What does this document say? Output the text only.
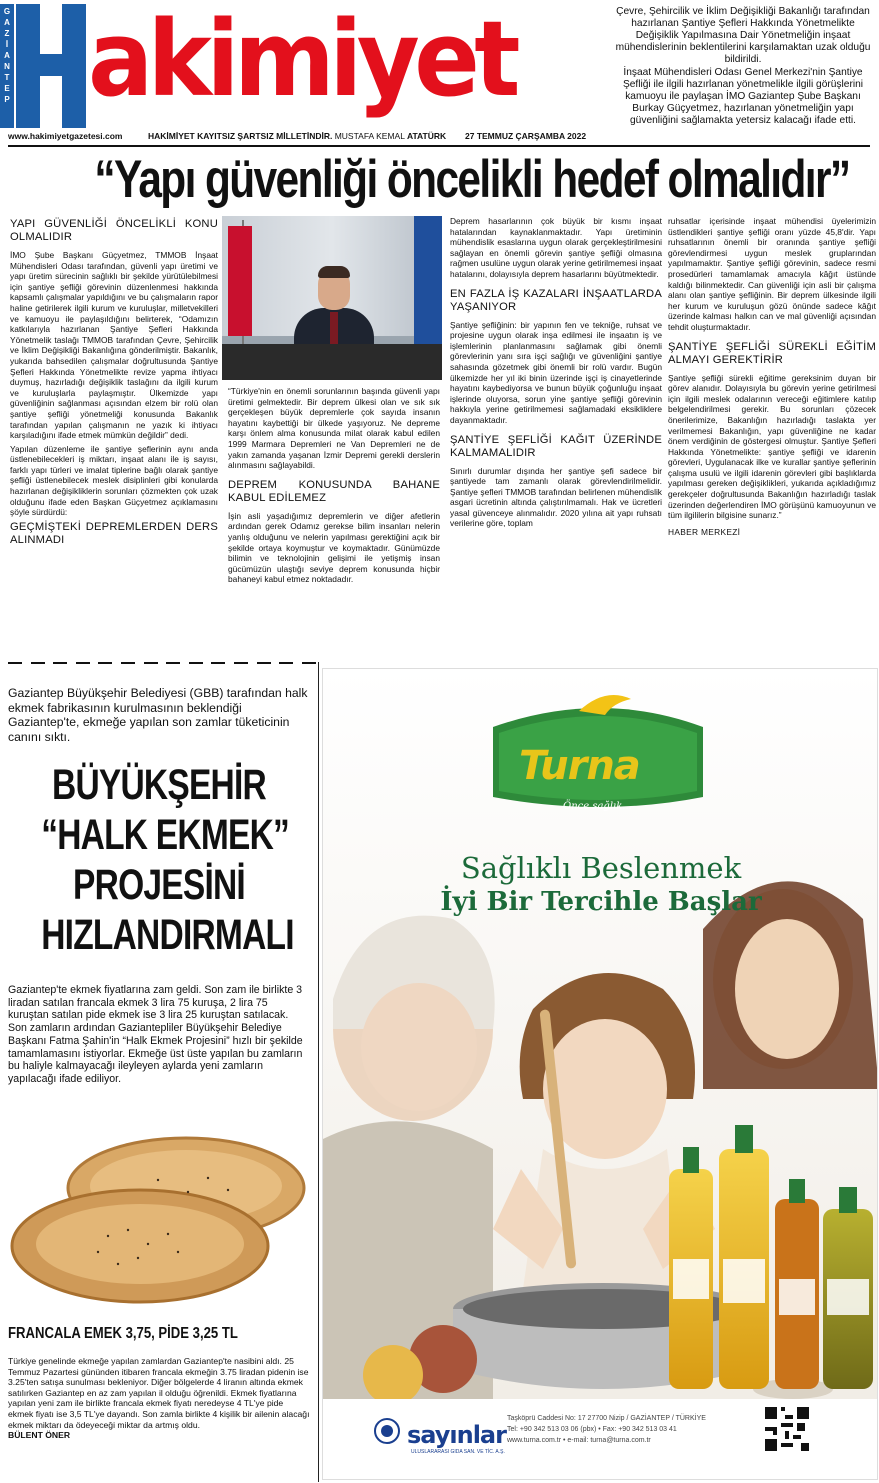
G
A
Z
İ
A
N
T
E
P akimiyet
www.hakimiyetgazetesi.com	HAKİMİYET KAYITSIZ ŞARTSIZ MİLLETİNDİR. MUSTAFA KEMAL ATATÜRK 27 TEMMUZ ÇARŞAMBA 2022

Çevre, Şehircilik ve İklim Değişikliği Bakanlığı tarafından hazırlanan Şantiye Şefleri Hakkında Yönetmelikte Değişiklik Yapılmasına Dair Yönetmeliğin inşaat mühendislerinin beklentilerini karşılamaktan uzak olduğu bildirildi.

İnşaat Mühendisleri Odası Genel Merkezi'nin Şantiye Şefliği ile ilgili hazırlanan yönetmelikle ilgili görüşlerini kamuoyu ile paylaşan İMO Gaziantep Şube Başkanı Burkay Güçyetmez, hazırlanan yönetmeliğin yapı güvenliğini sağlamakta yetersiz kalacağı ifade etti.

“Yapı güvenliği öncelikli hedef olmalıdır”
YAPI GÜVENLİĞİ ÖNCELİKLİ KONU OLMALIDIR

İMO Şube Başkanı Güçyetmez, TMMOB İnşaat Mühendisleri Odası tarafından, güvenli yapı üretimi ve yapı üretim sürecinin sağlıklı bir şekilde yürütülebilmesi için şantiye şefliği görevinin düzenlenmesi hakkında kapsamlı çalışmalar yapıldığını ve bu çalışmaların rapor haline getirilerek ilgili kurum ve kuruluşlar, milletvekilleri ve kamuoyu ile paylaşıldığını belirterek, “Odamızın katkılarıyla hazırlanan Şantiye Şefleri Hakkında Yönetmelik taslağı TMMOB tarafından Çevre, Şehircilik ve İklim Değişikliği Bakanlığına gönderilmiştir. Bakanlık, yukarıda bahsedilen çalışmalar doğrultusunda Şantiye Şefleri Hakkında Yönetmelikte revize yapma ihtiyacı duymuş, hazırladığı değişiklik taslağını da ilgili kurum ve kuruluşlarla paylaşmıştır. Ülkemizde yapı güvenliğinin sağlanması açısından elzem bir rolü olan şantiye şefliği yönetmeliği konusunda Bakanlık tarafından yapılan çalışmanın ne yazık ki ihtiyacı karşıladığını ifade etmek mümkün değildir” dedi.

Yapılan düzenleme ile şantiye şeflerinin aynı anda üstlenebilecekleri iş miktarı, inşaat alanı ile iş sayısı, farklı yapı türleri ve imalat tiplerine bağlı olarak şantiye şefliği üstlenebilecek meslek disiplinleri gibi konularda hazırlanan değişikliklerin sorunları çözmekten çok uzak olduğunu ifade eden Başkan Güçyetmez açıklamasını şöyle sürdürdü:

GEÇMİŞTEKİ DEPREMLERDEN DERS ALINMADI

“Türkiye'nin en önemli sorunlarının başında güvenli yapı üretimi gelmektedir. Bir deprem ülkesi olan ve sık sık gerçekleşen büyük depremlerle çok sayıda insanın hayatını kaybettiği bir ülkede yaşıyoruz. Ne depreme karşı önlem alma konusunda milat olarak kabul edilen 1999 Marmara Depremleri ne Van Depremleri ne de yakın zamanda yaşanan İzmir Depremi gerekli derslerin alınmasını sağlayabildi.

DEPREM KONUSUNDA BAHANE KABUL EDİLEMEZ

İşin asli yaşadığımız depremlerin ve diğer afetlerin ardından gerek Odamız gerekse bilim insanları nelerin yanlış olduğunu ve nelerin yapılması gerektiğini açık bir şekilde ortaya koymuştur ve koymaktadır. Günümüzde bilimin ve teknolojinin gelişimi ile yetişmiş insan gücümüzün ulaştığı seviye deprem konusunda hiçbir bahaneyi kabul etmez noktadadır.

Deprem hasarlarının çok büyük bir kısmı inşaat hatalarından kaynaklanmaktadır. Yapı üretiminin mühendislik esaslarına uygun olarak gerçekleştirilmesini sağlayan en önemli görevin şantiye şefliği olmasına rağmen usulüne uygun olarak yerine getirilmemesi inşaat hatalarını, dolayısıyla deprem hasarlarını büyütmektedir.

EN FAZLA İŞ KAZALARI İNŞAATLARDA YAŞANIYOR

Şantiye şefliğinin: bir yapının fen ve tekniğe, ruhsat ve projesine uygun olarak inşa edilmesi ile inşaatın iş ve işlemlerinin planlanmasını sağlamak gibi önemli görevlerinin yanı sıra işçi sağlığı ve güvenliğini şantiye sahasında gözetmek gibi önemli bir rolü vardır. Bugün ülkemizde her yıl iki binin üzerinde işçi iş cinayetlerinde hayatını kaybediyorsa ve bunun büyük çoğunluğu inşaat işlerinde oluyorsa, sorun yine şantiye şefliği görevinin hakkıyla yerine getirilmemesi sağlamadaki eksikliklere dayanmaktadır.

ŞANTİYE ŞEFLİĞİ KAĞIT ÜZERİNDE KALMAMALIDIR

Sınırlı durumlar dışında her şantiye şefi sadece bir şantiyede tam zamanlı olarak görevlendirilmelidir. Şantiye şefleri TMMOB tarafından belirlenen mühendislik asgari ücretinin altında çalıştırılmamalı. Hak ve ücretleri yasal güvenceye alınmalıdır. 2020 yılına ait yapı ruhsatı verilerine göre, toplam

ruhsatlar içerisinde inşaat mühendisi üyelerimizin üstlendikleri şantiye şefliği oranı yüzde 45,8'dir. Yapı ruhsatlarının önemli bir oranında şantiye şefliği görevlendirmesi uygun meslek gruplarından yapılmamaktır. Şantiye şefliği görevinin, sadece resmi prosedürleri tamamlamak amacıyla kâğıt üstünde kaldığı bilinmektedir. Can güvenliği için asli bir çalışma alanı olan şantiye şefliğinin. Bir deprem ülkesinde ilgili her kurum ve kuruluşun gözü önünde sadece kâğıt üzerinde kalması halkın can ve mal güvenliği açısından tehdit oluşturmaktadır.

ŞANTİYE ŞEFLİĞİ SÜREKLİ EĞİTİM ALMAYI GEREKTİRİR

Şantiye şefliği sürekli eğitime gereksinim duyan bir görev alanıdır. Dolayısıyla bu görevin yerine getirilmesi için ilgili meslek odalarının vereceği eğitimlere katılıp belgelendirilmesi gerekir. Bu sorunları çözecek önerilerimize, Bakanlığın hazırladığı taslakta yer verilmemesi Bakanlığın, yapı güvenliğine ne kadar önem verdiğinin de göstergesi olmuştur. Şantiye Şefleri Hakkında Yönetmelikte: şantiye şefliği ve idarenin görevleri, Uygulanacak ilke ve kurallar şantiye şeflerinin çalışma usulü ve ilgili idarenin görevleri gibi başlıklarda yapılması gereken değişiklikleri, yukarıda açıkladığımız gerekçeler doğrultusunda Bakanlığın hazırladığı taslak üzerinden değerlendiren İMO görüşünü kamuoyunun ve tüm ilgililerin bilgisine sunarız.”

HABER MERKEZİ
Gaziantep Büyükşehir Belediyesi (GBB) tarafından halk ekmek fabrikasının kurulmasının beklendiği Gaziantep'te, ekmeğe yapılan son zamlar tüketicinin canını sıktı.
BÜYÜKŞEHİR
“HALK EKMEK”
PROJESİNİ
HIZLANDIRMALI
Gaziantep'te ekmek fiyatlarına zam geldi. Son zam ile birlikte 3 liradan satılan francala ekmek 3 lira 75 kuruşa, 2 lira 75 kuruştan satılan pide ekmek ise 3 lira 25 kuruştan satılacak. Son zamların ardından Gaziantepliler Büyükşehir Belediye Başkanı Fatma Şahin'in “Halk Ekmek Projesini” hızlı bir şekilde tamamlamasını istiyorlar. Ekmeğe üst üste yapılan bu zamların bu haliyle kalmayacağı ileyleyen aylarda yeni zamların yapılacağı ifade ediliyor.
FRANCALA EMEK 3,75, PİDE 3,25 TL
Türkiye genelinde ekmeğe yapılan zamlardan Gaziantep'te nasibini aldı. 25 Temmuz Pazartesi gününden itibaren francala ekmeğin 3.75 liradan pidenin ise 3.25'ten satışa sunulması bekleniyor. Diğer bölgelerde 4 liranın altında ekmek satılırken Gaziantep en az zam yapılan il olduğu öğrenildi. Ekmek fiyatlarına yapılan yeni zam ile birlikte francala ekmek fiyatı neredeyse 4 TL'ye pide ekmek fiyatı ise 3,5 TL'ye dayandı. Son zamla birlikte 4 kişilik bir ailenin alacağı ekmek miktarı da ödeyeceği miktar da artmış oldu.
BÜLENT ÖNER
Turna
Önce sağlık...
Sağlıklı Beslenmek
İyi Bir Tercihle Başlar
sayınlar
ULUSLARARASI GIDA SAN. VE TİC. A.Ş.
Taşköprü Caddesi No: 17 27700 Nizip / GAZİANTEP / TÜRKİYE
Tel: +90 342 513 03 06 (pbx) • Fax: +90 342 513 03 41
www.turna.com.tr • e-mail: turna@turna.com.tr
